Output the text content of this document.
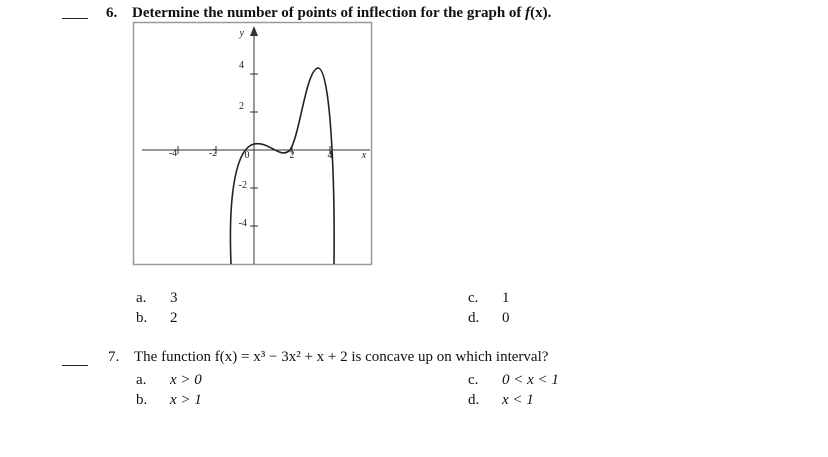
6. Determine the number of points of inflection for the graph of f(x).
-4	-2	0	2	4	x
4
2
-2
-4
y
a. 3
b. 2
c. 1
d. 0
7. The function f(x) = x³ − 3x² + x + 2 is concave up on which interval?
a. x > 0
b. x > 1
c. 0 < x < 1
d. x < 1
